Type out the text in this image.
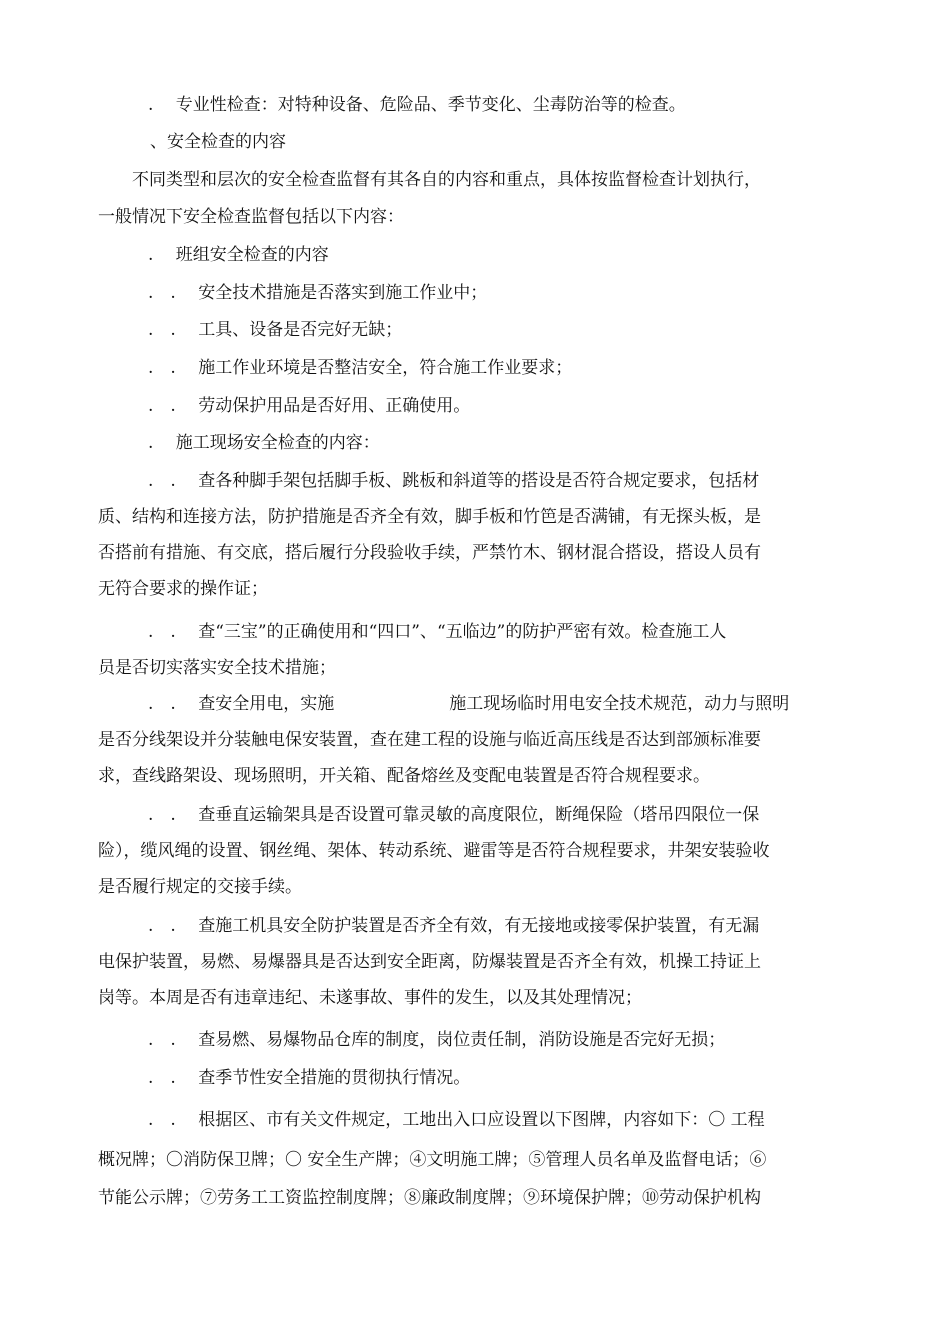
.　 专业性检查：对特种设备、危险品、季节变化、尘毒防治等的检查。
、安全检查的内容
不同类型和层次的安全检查监督有其各自的内容和重点，具体按监督检查计划执行，
一般情况下安全检查监督包括以下内容：
.　 班组安全检查的内容
.　.　 安全技术措施是否落实到施工作业中；
.　.　 工具、设备是否完好无缺；
.　.　 施工作业环境是否整洁安全，符合施工作业要求；
.　.　 劳动保护用品是否好用、正确使用。
.　 施工现场安全检查的内容：
.　.　 查各种脚手架包括脚手板、跳板和斜道等的搭设是否符合规定要求，包括材
质、结构和连接方法，防护措施是否齐全有效，脚手板和竹笆是否满铺，有无探头板，是
否搭前有措施、有交底，搭后履行分段验收手续，严禁竹木、钢材混合搭设，搭设人员有
无符合要求的操作证；
.　.　 查“三宝”的正确使用和“四口”、“五临边”的防护严密有效。检查施工人
员是否切实落实安全技术措施；
.　.　 查安全用电，实施	施工现场临时用电安全技术规范，动力与照明
是否分线架设并分装触电保安装置，查在建工程的设施与临近高压线是否达到部颁标准要
求，查线路架设、现场照明，开关箱、配备熔丝及变配电装置是否符合规程要求。
.　.　 查垂直运输架具是否设置可靠灵敏的高度限位，断绳保险（塔吊四限位一保
险），缆风绳的设置、钢丝绳、架体、转动系统、避雷等是否符合规程要求，井架安装验收
是否履行规定的交接手续。
.　.　 查施工机具安全防护装置是否齐全有效，有无接地或接零保护装置，有无漏
电保护装置，易燃、易爆器具是否达到安全距离，防爆装置是否齐全有效，机操工持证上
岗等。本周是否有违章违纪、未遂事故、事件的发生，以及其处理情况；
.　.　 查易燃、易爆物品仓库的制度，岗位责任制，消防设施是否完好无损；
.　.　 查季节性安全措施的贯彻执行情况。
.　.　 根据区、市有关文件规定，工地出入口应设置以下图牌，内容如下：〇 工程
概况牌；〇消防保卫牌；〇 安全生产牌；④文明施工牌；⑤管理人员名单及监督电话；⑥
节能公示牌；⑦劳务工工资监控制度牌；⑧廉政制度牌；⑨环境保护牌；⑩劳动保护机构
